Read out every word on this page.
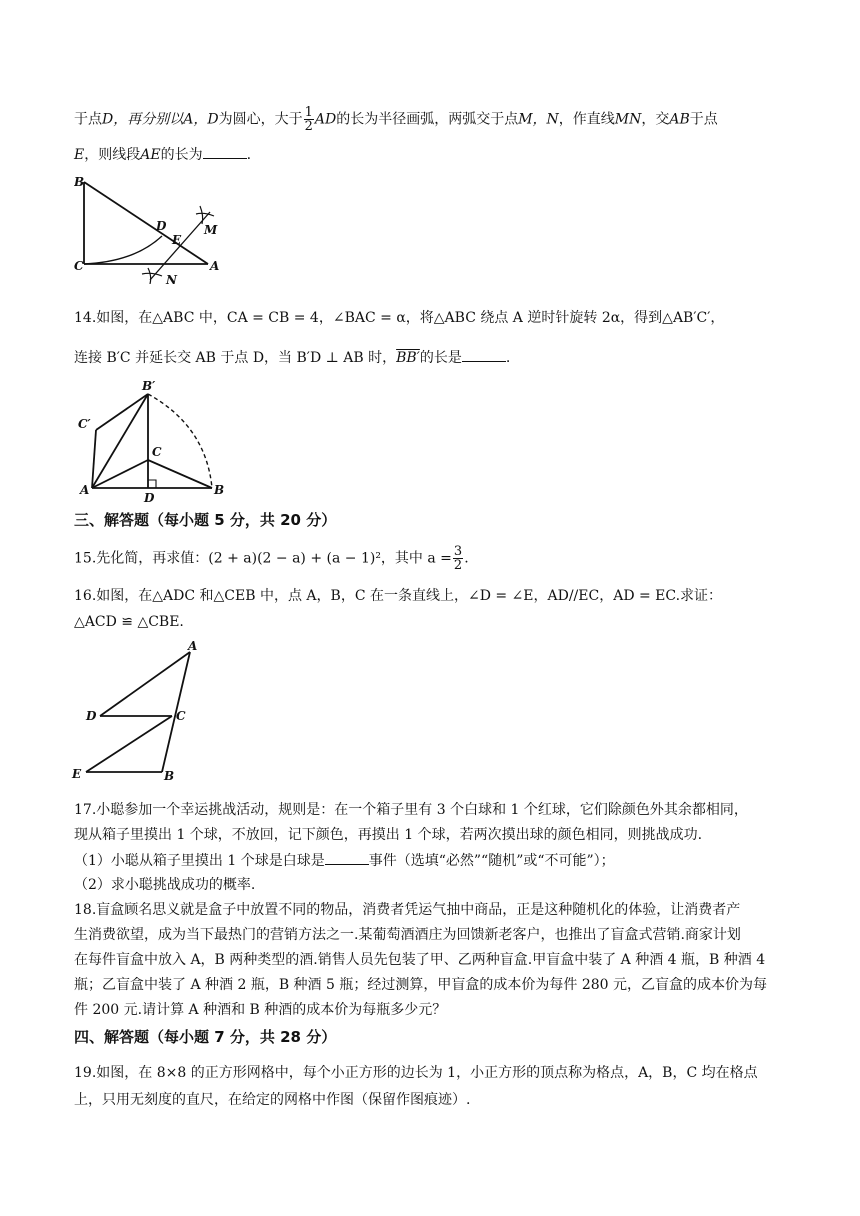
于点D，再分别以A，D为圆心，大于 $\frac{1}{2}$ AD的长为半径画弧，两弧交于点M，N，作直线MN，交AB于点
E，则线段AE的长为	.
B
D
E
M
C
N
A
14.如图，在△ABC 中，CA = CB = 4，∠BAC = α，将△ABC 绕点 A 逆时针旋转 2α，得到△AB′C′，
连接 B′C 并延长交 AB 于点 D，当 B′D ⊥ AB 时，BB′的长是	.
B′
C′
C
A
D
B
三、解答题（每小题 5 分，共 20 分）
15.先化简，再求值：(2 + a)(2 − a) + (a − 1)²，其中 $a = \frac{3}{2}$ .
16.如图，在△ADC 和△CEB 中，点 A，B，C 在一条直线上，∠D = ∠E，AD//EC，AD = EC.求证：
△ACD ≌ △CBE.
A
D	C
E	B
17.小聪参加一个幸运挑战活动，规则是：在一个箱子里有 3 个白球和 1 个红球，它们除颜色外其余都相同，
现从箱子里摸出 1 个球，不放回，记下颜色，再摸出 1 个球，若两次摸出球的颜色相同，则挑战成功.
（1）小聪从箱子里摸出 1 个球是白球是	事件（选填“必然”“随机”或“不可能”）；
（2）求小聪挑战成功的概率.
18.盲盒顾名思义就是盒子中放置不同的物品，消费者凭运气抽中商品，正是这种随机化的体验，让消费者产
生消费欲望，成为当下最热门的营销方法之一.某葡萄酒酒庄为回馈新老客户，也推出了盲盒式营销.商家计划
在每件盲盒中放入 A，B 两种类型的酒.销售人员先包装了甲、乙两种盲盒.甲盲盒中装了 A 种酒 4 瓶，B 种酒 4
瓶；乙盲盒中装了 A 种酒 2 瓶，B 种酒 5 瓶；经过测算，甲盲盒的成本价为每件 280 元，乙盲盒的成本价为每
件 200 元.请计算 A 种酒和 B 种酒的成本价为每瓶多少元？
四、解答题（每小题 7 分，共 28 分）
19.如图，在 8×8 的正方形网格中，每个小正方形的边长为 1，小正方形的顶点称为格点，A，B，C 均在格点
上，只用无刻度的直尺，在给定的网格中作图（保留作图痕迹）.
